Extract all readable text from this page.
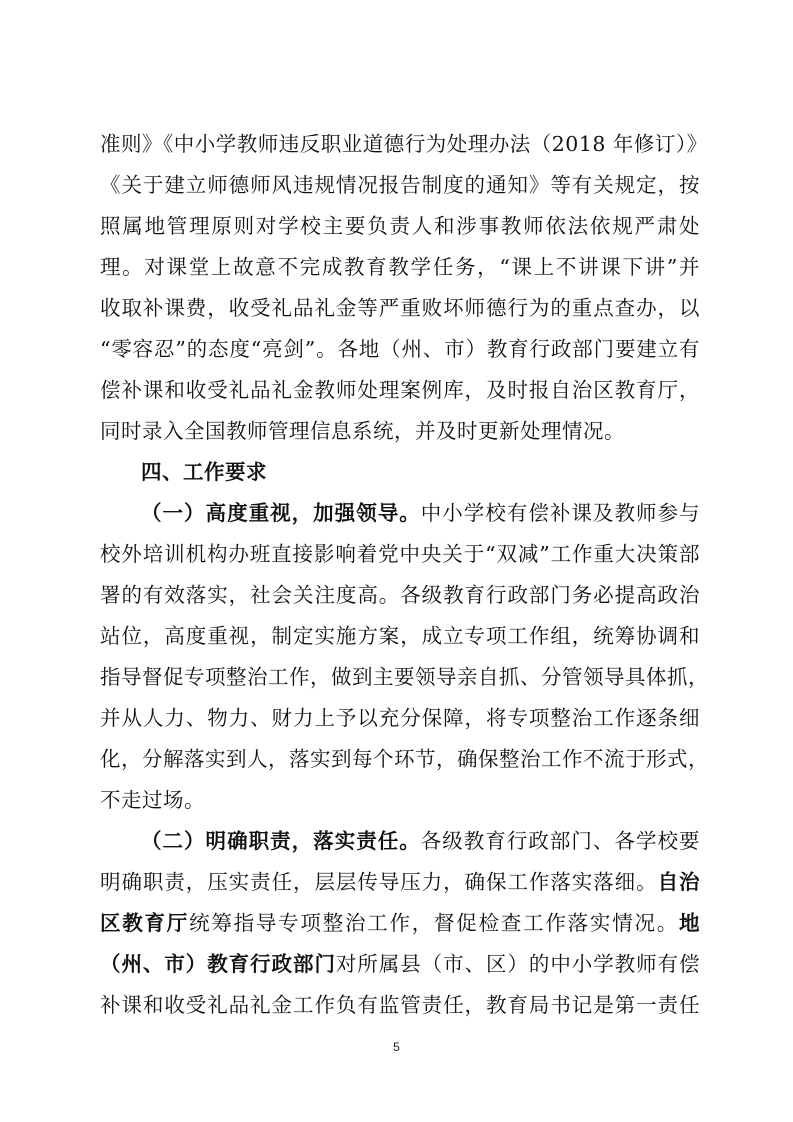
准则》《中小学教师违反职业道德行为处理办法（2018 年修订）》
《关于建立师德师风违规情况报告制度的通知》等有关规定，按
照属地管理原则对学校主要负责人和涉事教师依法依规严肃处
理。对课堂上故意不完成教育教学任务，“课上不讲课下讲”并
收取补课费，收受礼品礼金等严重败坏师德行为的重点查办，以
“零容忍”的态度“亮剑”。各地（州、市）教育行政部门要建立有
偿补课和收受礼品礼金教师处理案例库，及时报自治区教育厅，
同时录入全国教师管理信息系统，并及时更新处理情况。
四、工作要求
（一）高度重视，加强领导。中小学校有偿补课及教师参与
校外培训机构办班直接影响着党中央关于“双减”工作重大决策部
署的有效落实，社会关注度高。各级教育行政部门务必提高政治
站位，高度重视，制定实施方案，成立专项工作组，统筹协调和
指导督促专项整治工作，做到主要领导亲自抓、分管领导具体抓，
并从人力、物力、财力上予以充分保障，将专项整治工作逐条细
化，分解落实到人，落实到每个环节，确保整治工作不流于形式，
不走过场。
（二）明确职责，落实责任。各级教育行政部门、各学校要
明确职责，压实责任，层层传导压力，确保工作落实落细。自治
区教育厅统筹指导专项整治工作，督促检查工作落实情况。地
（州、市）教育行政部门对所属县（市、区）的中小学教师有偿
补课和收受礼品礼金工作负有监管责任，教育局书记是第一责任
5
